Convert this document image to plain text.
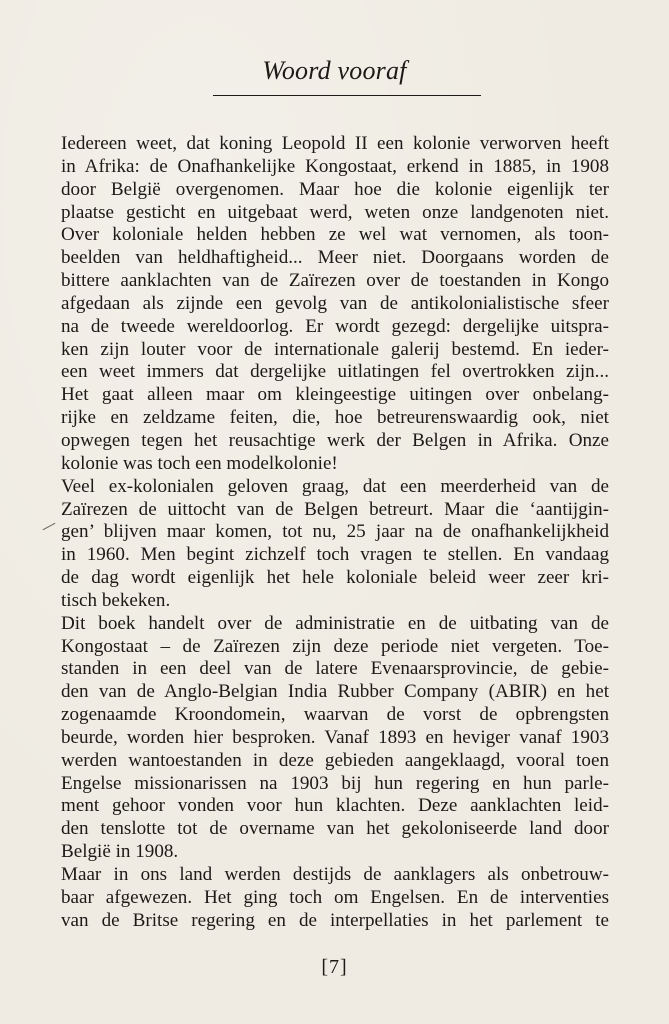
Woord vooraf
Iedereen weet, dat koning Leopold II een kolonie verworven heeft
in Afrika: de Onafhankelijke Kongostaat, erkend in 1885, in 1908
door België overgenomen. Maar hoe die kolonie eigenlijk ter
plaatse gesticht en uitgebaat werd, weten onze landgenoten niet.
Over koloniale helden hebben ze wel wat vernomen, als toon-
beelden van heldhaftigheid... Meer niet. Doorgaans worden de
bittere aanklachten van de Zaïrezen over de toestanden in Kongo
afgedaan als zijnde een gevolg van de antikolonialistische sfeer
na de tweede wereldoorlog. Er wordt gezegd: dergelijke uitspra-
ken zijn louter voor de internationale galerij bestemd. En ieder-
een weet immers dat dergelijke uitlatingen fel overtrokken zijn...
Het gaat alleen maar om kleingeestige uitingen over onbelang-
rijke en zeldzame feiten, die, hoe betreurenswaardig ook, niet
opwegen tegen het reusachtige werk der Belgen in Afrika. Onze
kolonie was toch een modelkolonie!
Veel ex-kolonialen geloven graag, dat een meerderheid van de
Zaïrezen de uittocht van de Belgen betreurt. Maar die ‘aantijgin-
gen’ blijven maar komen, tot nu, 25 jaar na de onafhankelijkheid
in 1960. Men begint zichzelf toch vragen te stellen. En vandaag
de dag wordt eigenlijk het hele koloniale beleid weer zeer kri-
tisch bekeken.
Dit boek handelt over de administratie en de uitbating van de
Kongostaat – de Zaïrezen zijn deze periode niet vergeten. Toe-
standen in een deel van de latere Evenaarsprovincie, de gebie-
den van de Anglo-Belgian India Rubber Company (ABIR) en het
zogenaamde Kroondomein, waarvan de vorst de opbrengsten
beurde, worden hier besproken. Vanaf 1893 en heviger vanaf 1903
werden wantoestanden in deze gebieden aangeklaagd, vooral toen
Engelse missionarissen na 1903 bij hun regering en hun parle-
ment gehoor vonden voor hun klachten. Deze aanklachten leid-
den tenslotte tot de overname van het gekoloniseerde land door
België in 1908.
Maar in ons land werden destijds de aanklagers als onbetrouw-
baar afgewezen. Het ging toch om Engelsen. En de interventies
van de Britse regering en de interpellaties in het parlement te
[7]
